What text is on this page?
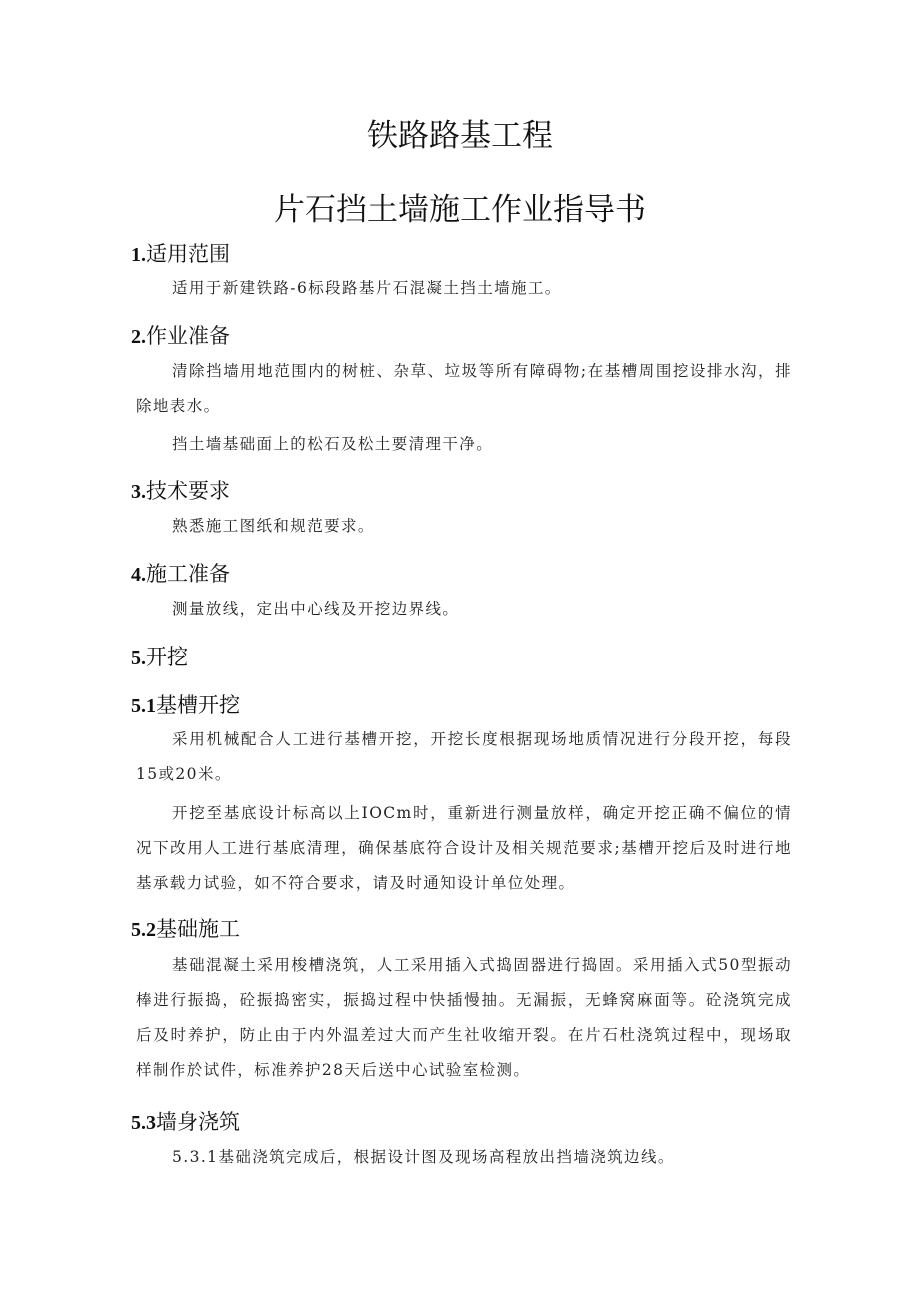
铁路路基工程
片石挡土墙施工作业指导书
1.适用范围
适用于新建铁路-6标段路基片石混凝土挡土墙施工。
2.作业准备
清除挡墙用地范围内的树桩、杂草、垃圾等所有障碍物;在基槽周围挖设排水沟，排除地表水。
挡土墙基础面上的松石及松土要清理干净。
3.技术要求
熟悉施工图纸和规范要求。
4.施工准备
测量放线，定出中心线及开挖边界线。
5.开挖
5.1基槽开挖
采用机械配合人工进行基槽开挖，开挖长度根据现场地质情况进行分段开挖，每段15或20米。
开挖至基底设计标高以上IOCm时，重新进行测量放样，确定开挖正确不偏位的情况下改用人工进行基底清理，确保基底符合设计及相关规范要求;基槽开挖后及时进行地基承载力试验，如不符合要求，请及时通知设计单位处理。
5.2基础施工
基础混凝土采用梭槽浇筑，人工采用插入式捣固器进行捣固。采用插入式50型振动棒进行振捣，砼振捣密实，振捣过程中快插慢抽。无漏振，无蜂窝麻面等。砼浇筑完成后及时养护，防止由于内外温差过大而产生社收缩开裂。在片石杜浇筑过程中，现场取样制作於试件，标准养护28天后送中心试验室检测。
5.3墙身浇筑
5.3.1基础浇筑完成后，根据设计图及现场高程放出挡墙浇筑边线。
